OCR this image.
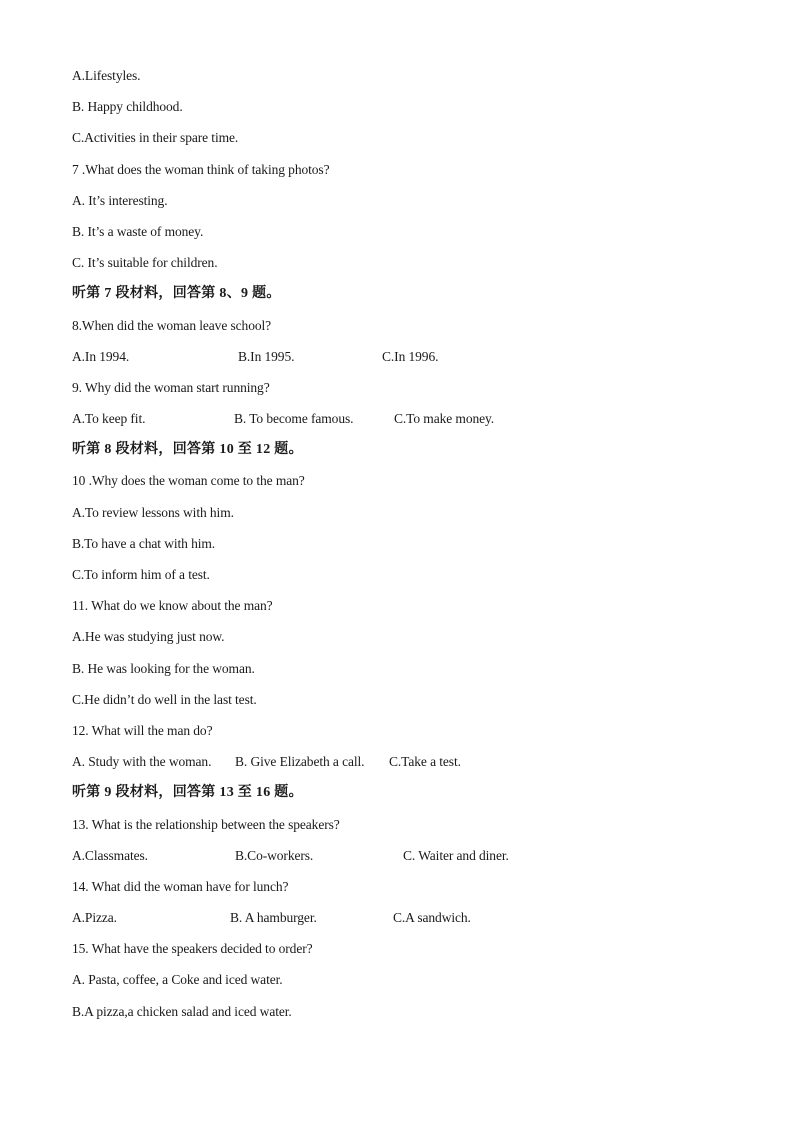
A.Lifestyles.
B. Happy childhood.
C.Activities in their spare time.
7 .What does the woman think of taking photos?
A. It’s interesting.
B. It’s a waste of money.
C. It’s suitable for children.
听第 7 段材料，回答第 8、9 题。
8.When did the woman leave school?
A.In 1994.	B.In 1995.	C.In 1996.
9. Why did the woman start running?
A.To keep fit.	B. To become famous.	C.To make money.
听第 8 段材料，回答第 10 至 12 题。
10 .Why does the woman come to the man?
A.To review lessons with him.
B.To have a chat with him.
C.To inform him of a test.
11. What do we know about the man?
A.He was studying just now.
B. He was looking for the woman.
C.He didn’t do well in the last test.
12. What will the man do?
A. Study with the woman. B. Give Elizabeth a call. C.Take a test.
听第 9 段材料，回答第 13 至 16 题。
13. What is the relationship between the speakers?
A.Classmates.	B.Co-workers.	C. Waiter and diner.
14. What did the woman have for lunch?
A.Pizza.	B. A hamburger.	C.A sandwich.
15. What have the speakers decided to order?
A. Pasta, coffee, a Coke and iced water.
B.A pizza,a chicken salad and iced water.
